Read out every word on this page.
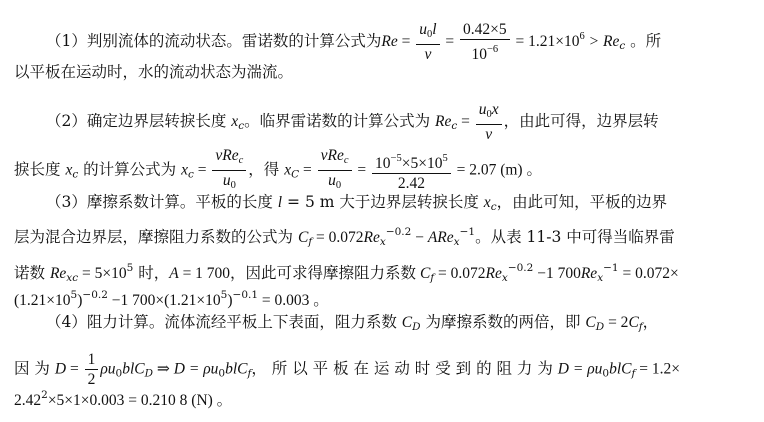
（1）判别流体的流动状态。雷诺数的计算公式为$Re = \frac{u0l}{\nu} = \frac{0.42\times 5}{10^{-6}} = 1.21\times 10^6 > Re_c$ 。所
以平板在运动时，水的流动状态为湍流。
（2）确定边界层转捩长度 $x_c$。临界雷诺数的计算公式为 $Re_c = \frac{u0x}{\nu}$ ，由此可得，边界层转
捩长度 $x_c$ 的计算公式为 $x_c = \frac{\nu Re_c}{u0}$ ，得 $x_C = \frac{\nu Re_c}{u0} = \frac{10^{-5}\times 5\times 10^5}{2.42} = 2.07$ (m) 。
（3）摩擦系数计算。平板的长度 l = 5 m 大于边界层转捩长度 $x_c$，由此可知，平板的边界
层为混合边界层，摩擦阻力系数的公式为 $C_f = 0.072Re_x^{-0.2} - ARe_x^{-1}$。从表 11-3 中可得当临界雷
诺数 $Re_{xc} = 5\times 10^5$ 时，A = 1 700，因此可求得摩擦阻力系数 $C_f = 0.072Re_x^{-0.2} -1$ $700Re_x^{-1} = 0.072\times$
$(1.21\times 10^5)^{-0.2} -1$ $700\times(1.21\times 10^5)^{-0.1} = 0.003$ 。
（4）阻力计算。流体流经平板上下表面，阻力系数 $C_D$ 为摩擦系数的两倍，即 $C_D = 2C_f$，
因 为 $D = \frac{1}{2} \rho u0blC_D$ ⇒ D = ρu0blC$_f$， 所 以 平 板 在 运 动 时 受 到 的 阻 力 为 D = ρu0blC$_f$ = 1.2×
$2.42^2\times 5\times 1\times 0.003 = 0.210$ 8 (N) 。
